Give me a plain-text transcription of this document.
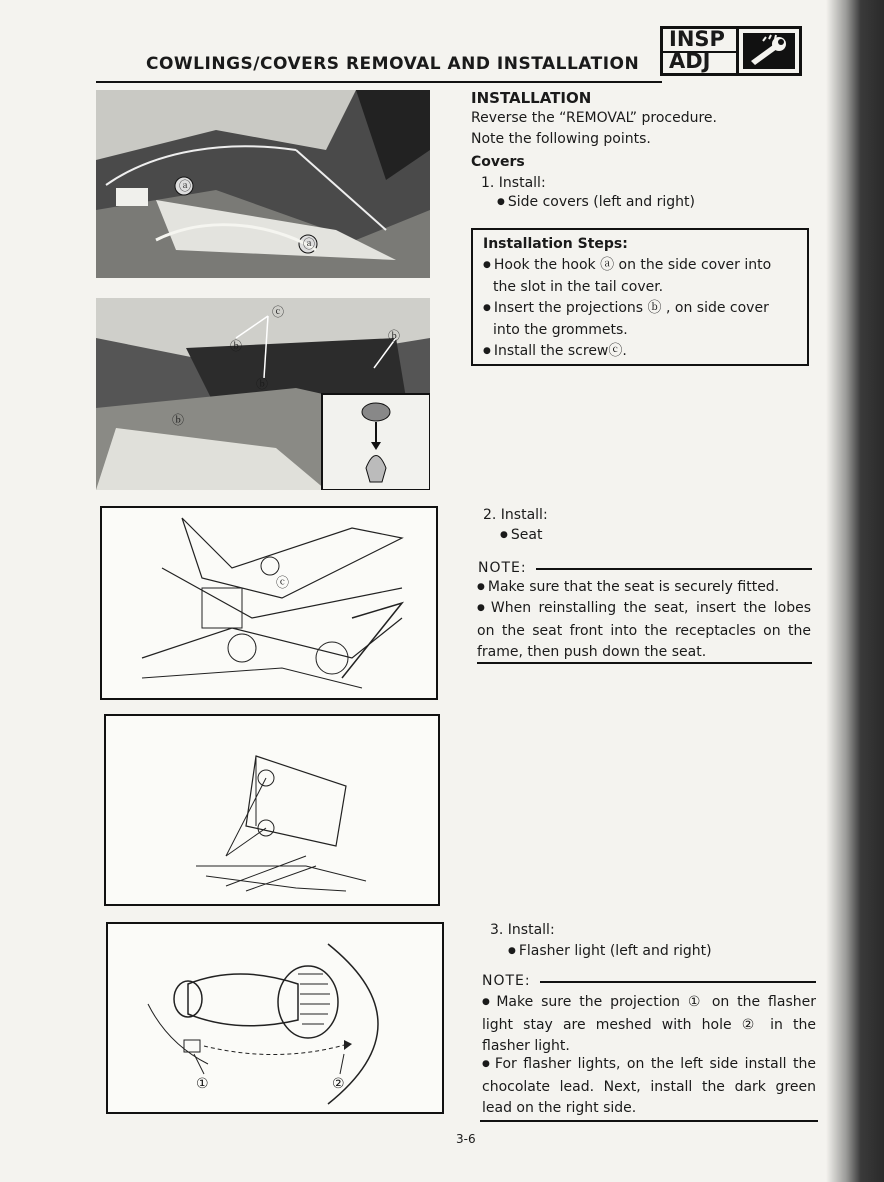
COWLINGS/COVERS REMOVAL AND INSTALLATION
INSP
ADJ
ⓐ
ⓐ
ⓒ
ⓑ
ⓑ
ⓑ
ⓑ
ⓒ
①	②
INSTALLATION
Reverse the “REMOVAL” procedure.
Note the following points.
Covers
1. Install:
● Side covers (left and right)
Installation Steps:
● Hook the hook ⓐ on the side cover into
the slot in the tail cover.
● Insert the projections ⓑ , on side cover
into the grommets.
● Install the screwⓒ.
2. Install:
● Seat
NOTE:
● Make sure that the seat is securely fitted.
● When reinstalling the seat, insert the lobes on the seat front into the receptacles on the frame, then push down the seat.
3. Install:
● Flasher light (left and right)
NOTE:
● Make sure the projection ① on the flasher light stay are meshed with hole ② in the flasher light.
● For flasher lights, on the left side install the chocolate lead. Next, install the dark green lead on the right side.
3-6
